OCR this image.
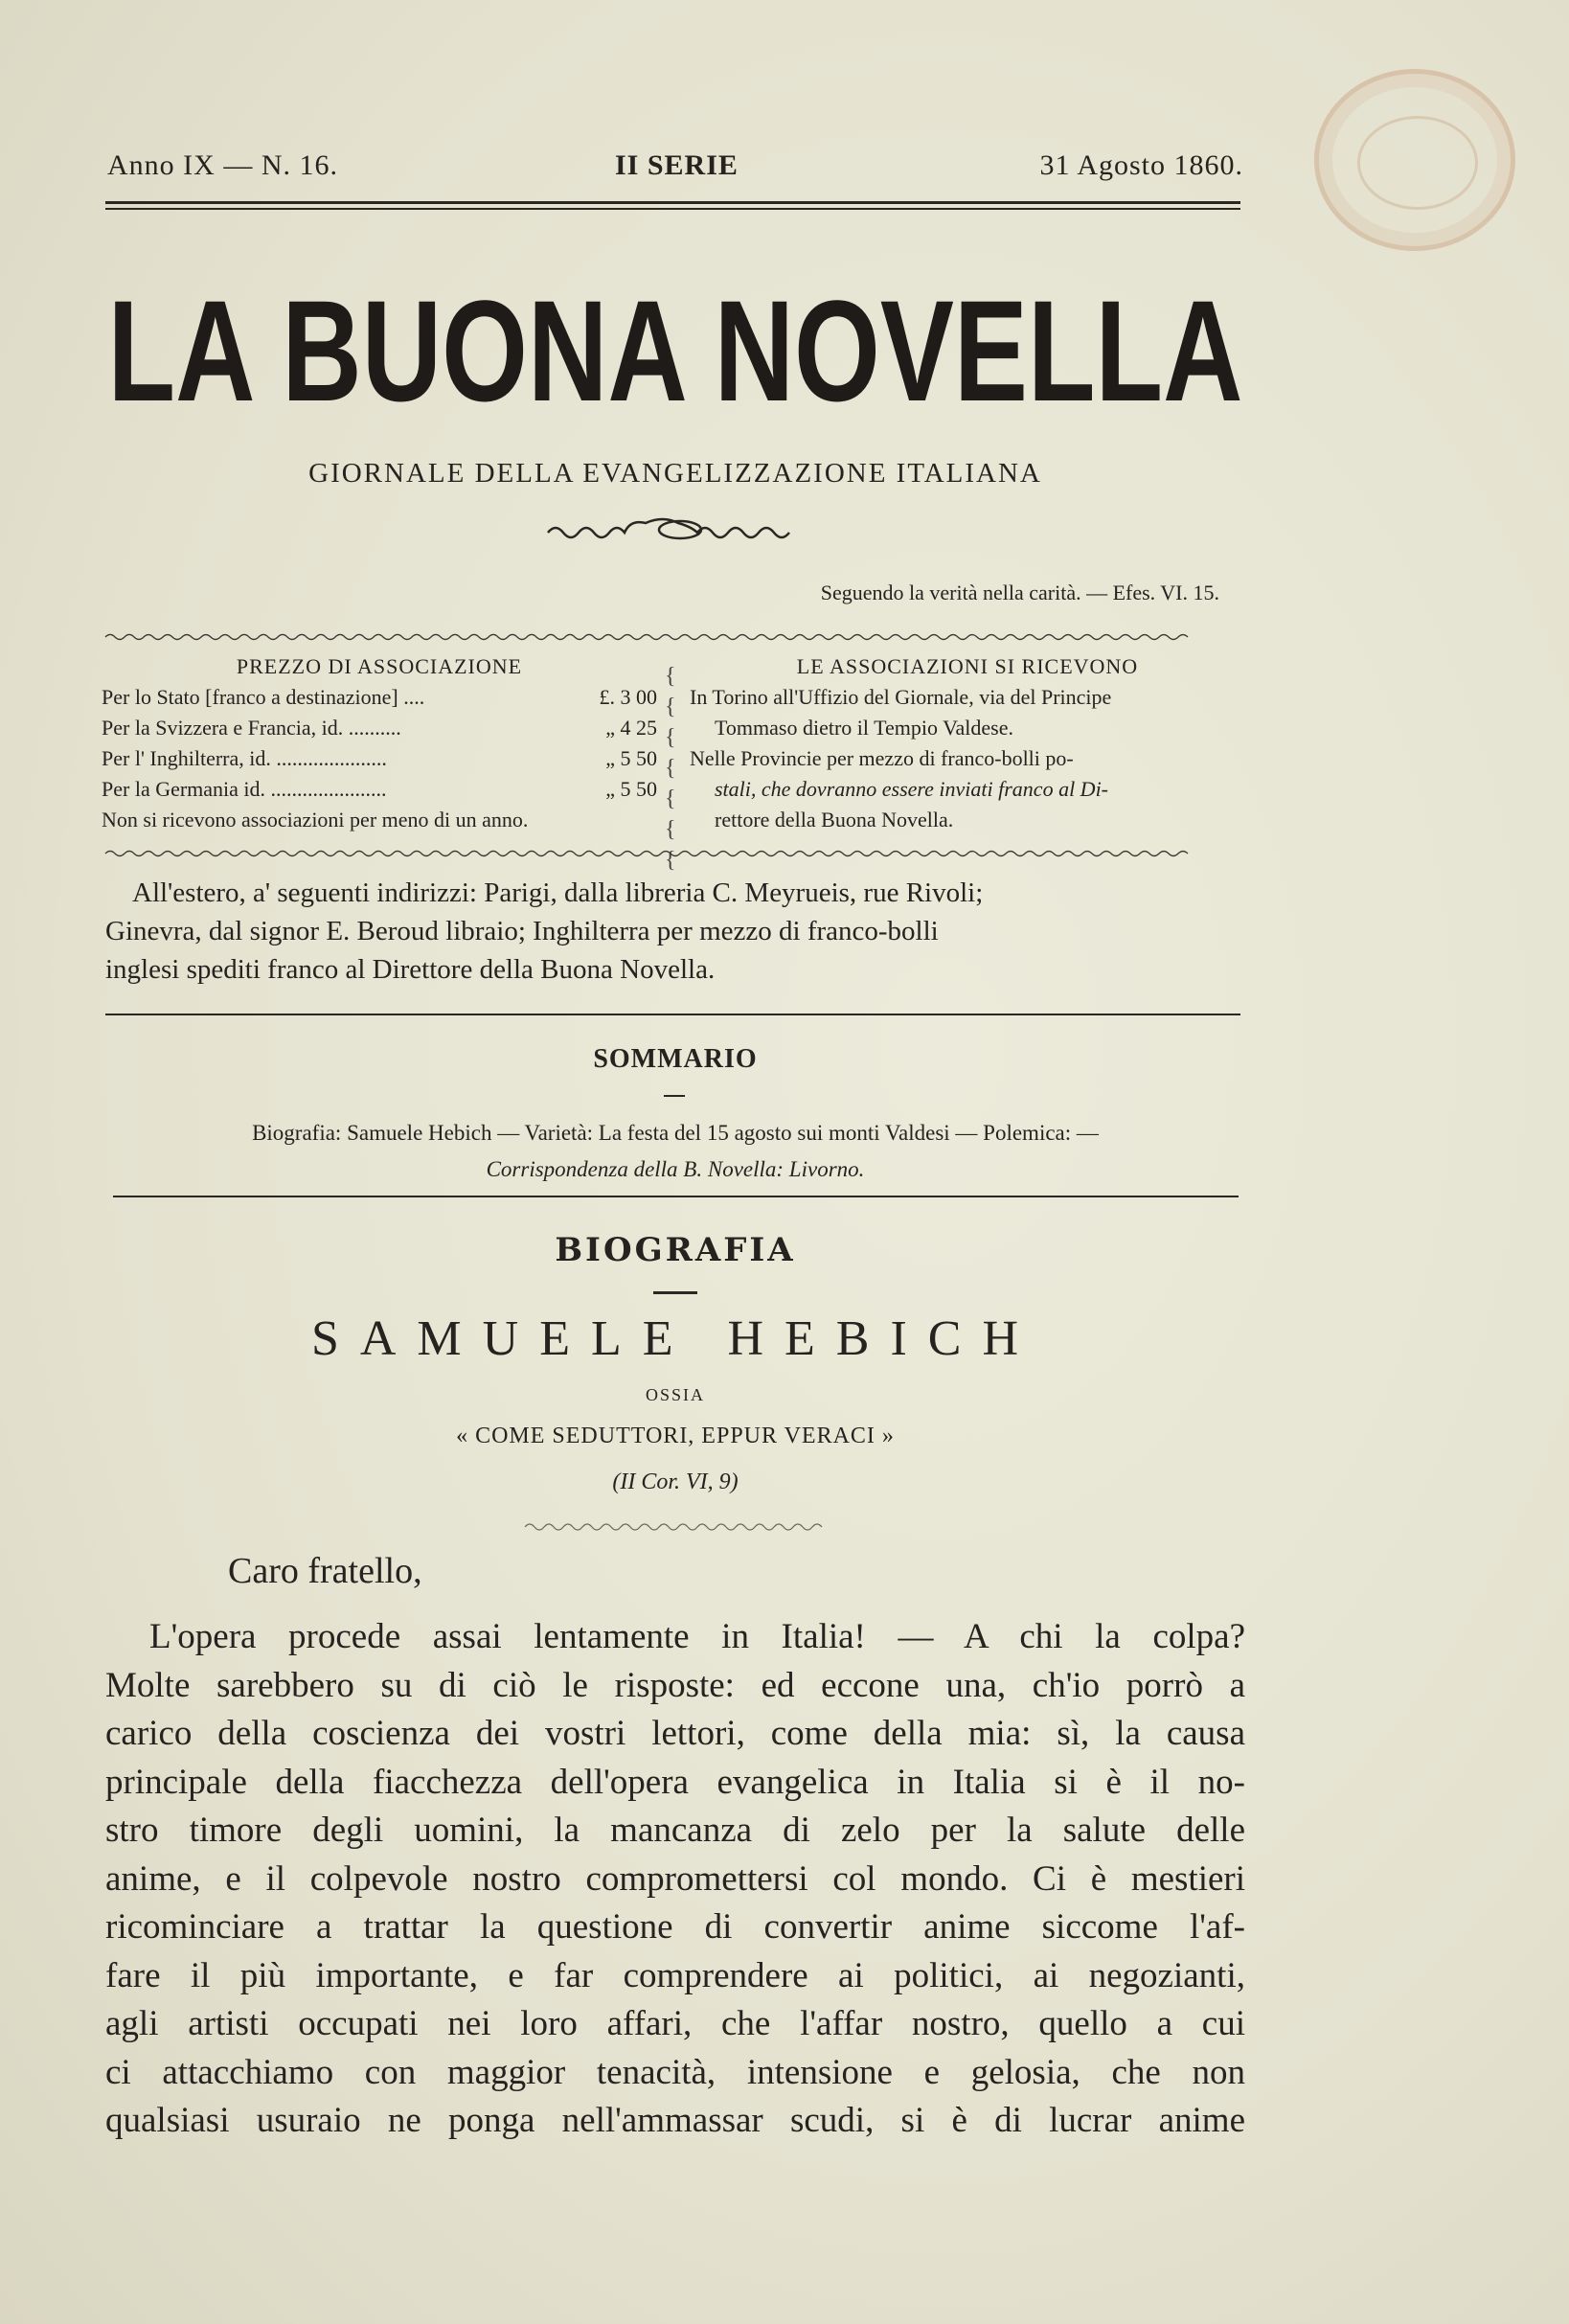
Anno IX — N. 16.	II SERIE	31 Agosto 1860.
LA BUONA NOVELLA
GIORNALE DELLA EVANGELIZZAZIONE ITALIANA
Seguendo la verità nella carità. — Efes. VI. 15.
PREZZO DI ASSOCIAZIONE
Per lo Stato [franco a destinazione] ....	£. 3 00
Per la Svizzera e Francia, id. ..........	„ 4 25
Per l' Inghilterra, id. .....................	„ 5 50
Per la Germania id. ......................	„ 5 50
Non si ricevono associazioni per meno di un anno.
{
{
{
{
{
{
{
LE ASSOCIAZIONI SI RICEVONO
In Torino all'Uffizio del Giornale, via del Principe
Tommaso dietro il Tempio Valdese.
Nelle Provincie per mezzo di franco-bolli po-
stali, che dovranno essere inviati franco al Di-
rettore della Buona Novella.
All'estero, a' seguenti indirizzi: Parigi, dalla libreria C. Meyrueis, rue Rivoli;
Ginevra, dal signor E. Beroud libraio; Inghilterra per mezzo di franco-bolli
inglesi spediti franco al Direttore della Buona Novella.
SOMMARIO
Biografia: Samuele Hebich — Varietà: La festa del 15 agosto sui monti Valdesi — Polemica: —
Corrispondenza della B. Novella: Livorno.
BIOGRAFIA
SAMUELE HEBICH
OSSIA
« COME SEDUTTORI, EPPUR VERACI »
(II Cor. VI, 9)
Caro fratello,
L'opera procede assai lentamente in Italia! — A chi la colpa?
Molte sarebbero su di ciò le risposte: ed eccone una, ch'io porrò a
carico della coscienza dei vostri lettori, come della mia: sì, la causa
principale della fiacchezza dell'opera evangelica in Italia si è il no-
stro timore degli uomini, la mancanza di zelo per la salute delle
anime, e il colpevole nostro compromettersi col mondo. Ci è mestieri
ricominciare a trattar la questione di convertir anime siccome l'af-
fare il più importante, e far comprendere ai politici, ai negozianti,
agli artisti occupati nei loro affari, che l'affar nostro, quello a cui
ci attacchiamo con maggior tenacità, intensione e gelosia, che non
qualsiasi usuraio ne ponga nell'ammassar scudi, si è di lucrar anime
